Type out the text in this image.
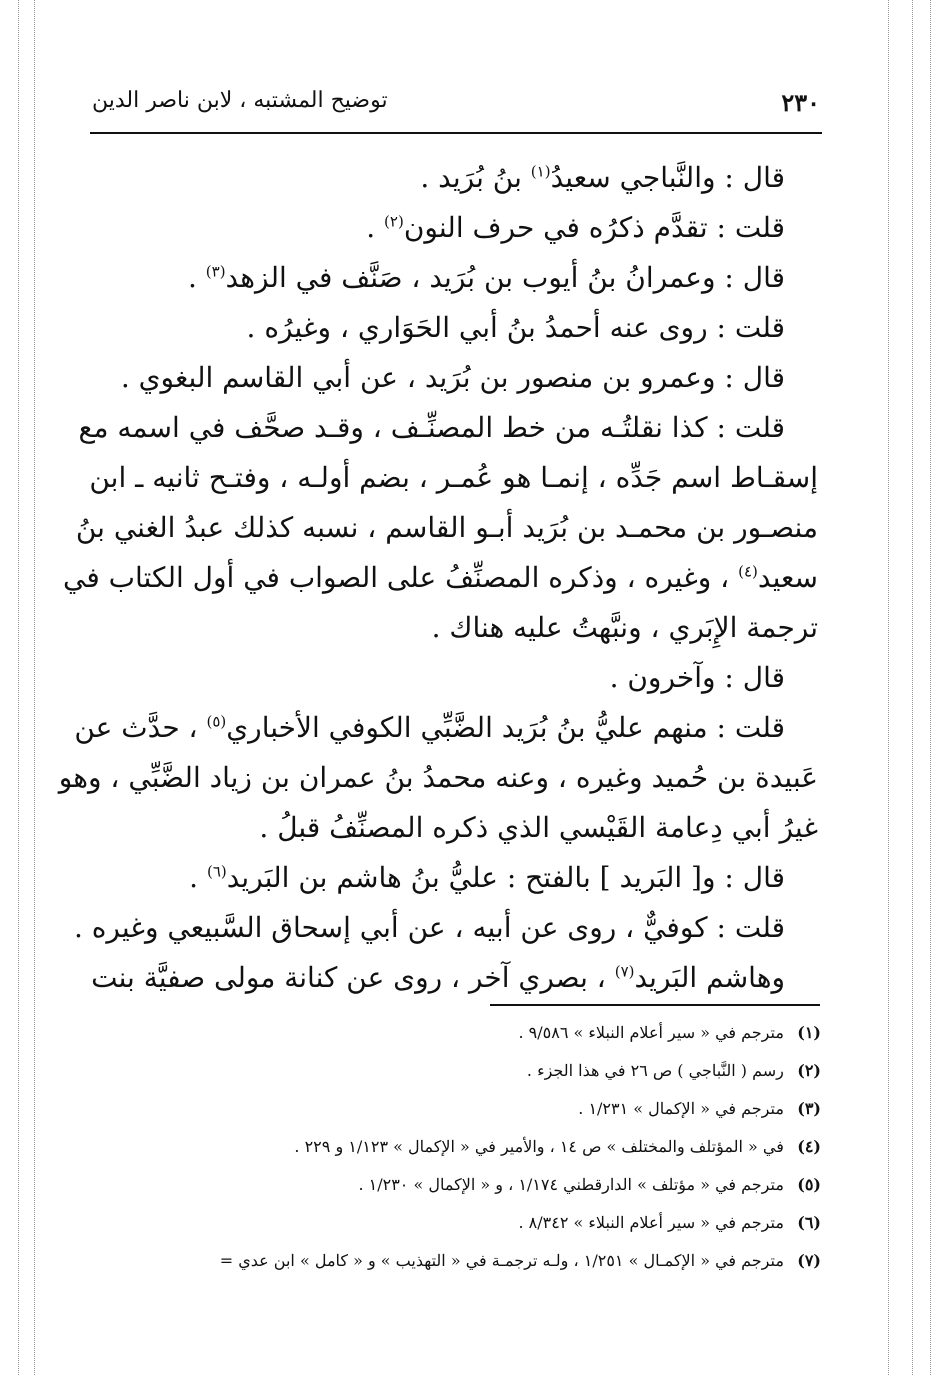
٢٣٠
توضيح المشتبه ، لابن ناصر الدين
قال : والنَّباجي سعيدُ$^{(١)}$ بنُ بُرَيد .
قلت : تقدَّم ذكرُه في حرف النون$^{(٢)}$ .
قال : وعمرانُ بنُ أيوب بن بُرَيد ، صَنَّف في الزهد$^{(٣)}$ .
قلت : روى عنه أحمدُ بنُ أبي الحَوَاري ، وغيرُه .
قال : وعمرو بن منصور بن بُرَيد ، عن أبي القاسم البغوي .
قلت : كذا نقلتُـه من خط المصنِّـف ، وقـد صحَّف في اسمه مع
إسقـاط اسم جَدِّه ، إنمـا هو عُمـر ، بضم أولـه ، وفتـح ثانيه ـ ابن
منصـور بن محمـد بن بُرَيد أبـو القاسم ، نسبه كذلك عبدُ الغني بنُ
سعيد$^{(٤)}$ ، وغيره ، وذكره المصنِّفُ على الصواب في أول الكتاب في
ترجمة الإِبَري ، ونبَّهتُ عليه هناك .
قال : وآخرون .
قلت : منهم عليُّ بنُ بُرَيد الضَّبِّي الكوفي الأخباري$^{(٥)}$ ، حدَّث عن
عَبيدة بن حُميد وغيره ، وعنه محمدُ بنُ عمران بن زياد الضَّبِّي ، وهو
غيرُ أبي دِعامة القَيْسي الذي ذكره المصنِّفُ قبلُ .
قال : و[ البَريد ] بالفتح : عليُّ بنُ هاشم بن البَريد$^{(٦)}$ .
قلت : كوفيٌّ ، روى عن أبيه ، عن أبي إسحاق السَّبيعي وغيره .
وهاشم البَريد$^{(٧)}$ ، بصري آخر ، روى عن كنانة مولى صفيَّة بنت
(١) مترجم في « سير أعلام النبلاء » ٩/٥٨٦ .
(٢) رسم ( النَّباجي ) ص ٢٦ في هذا الجزء .
(٣) مترجم في « الإكمال » ١/٢٣١ .
(٤) في « المؤتلف والمختلف » ص ١٤ ، والأمير في « الإكمال » ١/١٢٣ و ٢٢٩ .
(٥) مترجم في « مؤتلف » الدارقطني ١/١٧٤ ، و « الإكمال » ١/٢٣٠ .
(٦) مترجم في « سير أعلام النبلاء » ٨/٣٤٢ .
(٧) مترجم في « الإكمـال » ١/٢٥١ ، ولـه ترجمـة في « التهذيب » و « كامل » ابن عدي =
